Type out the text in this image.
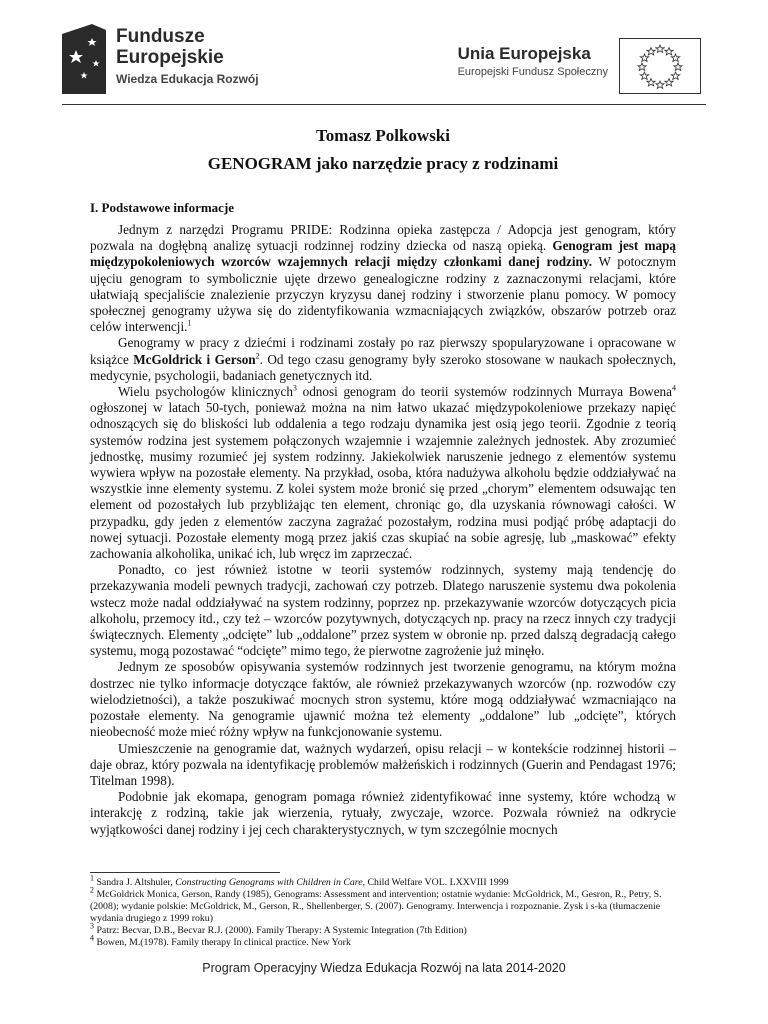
Fundusze
Europejskie
Wiedza Edukacja Rozwój
Unia Europejska
Europejski Fundusz Społeczny
Tomasz Polkowski
GENOGRAM jako narzędzie pracy z rodzinami
I. Podstawowe informacje

Jednym z narzędzi Programu PRIDE: Rodzinna opieka zastępcza / Adopcja jest genogram, który pozwala na dogłębną analizę sytuacji rodzinnej rodziny dziecka od naszą opieką. Genogram jest mapą międzypokoleniowych wzorców wzajemnych relacji między członkami danej rodziny. W potocznym ujęciu genogram to symbolicznie ujęte drzewo genealogiczne rodziny z zaznaczonymi relacjami, które ułatwiają specjaliście znalezienie przyczyn kryzysu danej rodziny i stworzenie planu pomocy. W pomocy społecznej genogramy używa się do zidentyfikowania wzmacniających związków, obszarów potrzeb oraz celów interwencji.$^1$

Genogramy w pracy z dziećmi i rodzinami zostały po raz pierwszy spopularyzowane i opracowane w książce McGoldrick i Gerson$^2$. Od tego czasu genogramy były szeroko stosowane w naukach społecznych, medycynie, psychologii, badaniach genetycznych itd.

Wielu psychologów klinicznych$^3$ odnosi genogram do teorii systemów rodzinnych Murraya Bowena$^4$ ogłoszonej w latach 50-tych, ponieważ można na nim łatwo ukazać międzypokoleniowe przekazy napięć odnoszących się do bliskości lub oddalenia a tego rodzaju dynamika jest osią jego teorii. Zgodnie z teorią systemów rodzina jest systemem połączonych wzajemnie i wzajemnie zależnych jednostek. Aby zrozumieć jednostkę, musimy rozumieć jej system rodzinny. Jakiekolwiek naruszenie jednego z elementów systemu wywiera wpływ na pozostałe elementy. Na przykład, osoba, która nadużywa alkoholu będzie oddziaływać na wszystkie inne elementy systemu. Z kolei system może bronić się przed „chorym” elementem odsuwając ten element od pozostałych lub przybliżając ten element, chroniąc go, dla uzyskania równowagi całości. W przypadku, gdy jeden z elementów zaczyna zagrażać pozostałym, rodzina musi podjąć próbę adaptacji do nowej sytuacji. Pozostałe elementy mogą przez jakiś czas skupiać na sobie agresję, lub „maskować” efekty zachowania alkoholika, unikać ich, lub wręcz im zaprzeczać.

Ponadto, co jest również istotne w teorii systemów rodzinnych, systemy mają tendencję do przekazywania modeli pewnych tradycji, zachowań czy potrzeb. Dlatego naruszenie systemu dwa pokolenia wstecz może nadal oddziaływać na system rodzinny, poprzez np. przekazywanie wzorców dotyczących picia alkoholu, przemocy itd., czy też – wzorców pozytywnych, dotyczących np. pracy na rzecz innych czy tradycji świątecznych. Elementy „odcięte” lub „oddalone” przez system w obronie np. przed dalszą degradacją całego systemu, mogą pozostawać “odcięte” mimo tego, że pierwotne zagrożenie już minęło.

Jednym ze sposobów opisywania systemów rodzinnych jest tworzenie genogramu, na którym można dostrzec nie tylko informacje dotyczące faktów, ale również przekazywanych wzorców (np. rozwodów czy wielodzietności), a także poszukiwać mocnych stron systemu, które mogą oddziaływać wzmacniająco na pozostałe elementy. Na genogramie ujawnić można też elementy „oddalone” lub „odcięte”, których nieobecność może mieć różny wpływ na funkcjonowanie systemu.

Umieszczenie na genogramie dat, ważnych wydarzeń, opisu relacji – w kontekście rodzinnej historii – daje obraz, który pozwala na identyfikację problemów małżeńskich i rodzinnych (Guerin and Pendagast 1976; Titelman 1998).

Podobnie jak ekomapa, genogram pomaga również zidentyfikować inne systemy, które wchodzą w interakcję z rodziną, takie jak wierzenia, rytuały, zwyczaje, wzorce. Pozwala również na odkrycie wyjątkowości danej rodziny i jej cech charakterystycznych, w tym szczególnie mocnych

$^1$ Sandra J. Altshuler, Constructing Genograms with Children in Care, Child Welfare VOL. LXXVIII 1999
$^2$ McGoldrick Monica, Gerson, Randy (1985), Genograms: Assessment and intervention; ostatnie wydanie: McGoldrick, M., Gesron, R., Petry, S. (2008); wydanie polskie: McGoldrick, M., Gerson, R., Shellenberger, S. (2007). Genogramy. Interwencja i rozpoznanie. Zysk i s-ka (tłumaczenie wydania drugiego z 1999 roku)
$^3$ Patrz: Becvar, D.B., Becvar R.J. (2000). Family Therapy: A Systemic Integration (7th Edition)
$^4$ Bowen, M.(1978). Family therapy In clinical practice. New York
Program Operacyjny Wiedza Edukacja Rozwój na lata 2014-2020
